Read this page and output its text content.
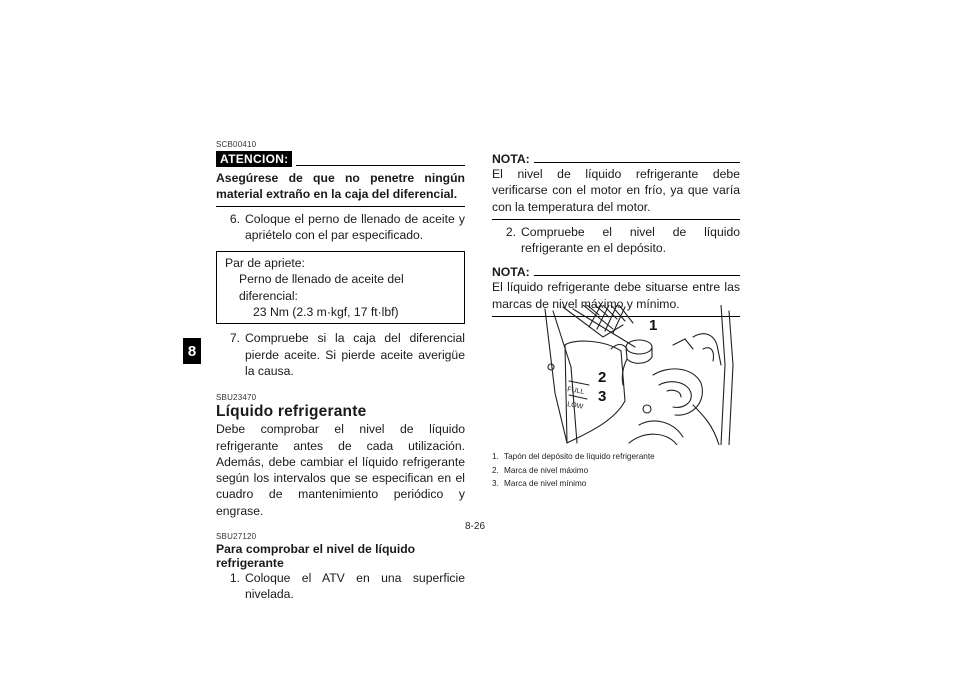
8
SCB00410
ATENCION:
Asegúrese de que no penetre ningún material extraño en la caja del diferencial.
6. Coloque el perno de llenado de aceite y apriételo con el par especificado.
Par de apriete:
Perno de llenado de aceite del diferencial:
23 Nm (2.3 m·kgf, 17 ft·lbf)
7. Compruebe si la caja del diferencial pierde aceite. Si pierde aceite averigüe la causa.
SBU23470
Líquido refrigerante
Debe comprobar el nivel de líquido refrigerante antes de cada utilización. Además, debe cambiar el líquido refrigerante según los intervalos que se especifican en el cuadro de mantenimiento periódico y engrase.
SBU27120
Para comprobar el nivel de líquido refrigerante
1. Coloque el ATV en una superficie nivelada.
NOTA:
El nivel de líquido refrigerante debe verificarse con el motor en frío, ya que varía con la temperatura del motor.
2. Compruebe el nivel de líquido refrigerante en el depósito.
NOTA:
El líquido refrigerante debe situarse entre las marcas de nivel máximo y mínimo.
1
2
3
FULL
LOW
1. Tapón del depósito de líquido refrigerante
2. Marca de nivel máximo
3. Marca de nivel mínimo
8-26
